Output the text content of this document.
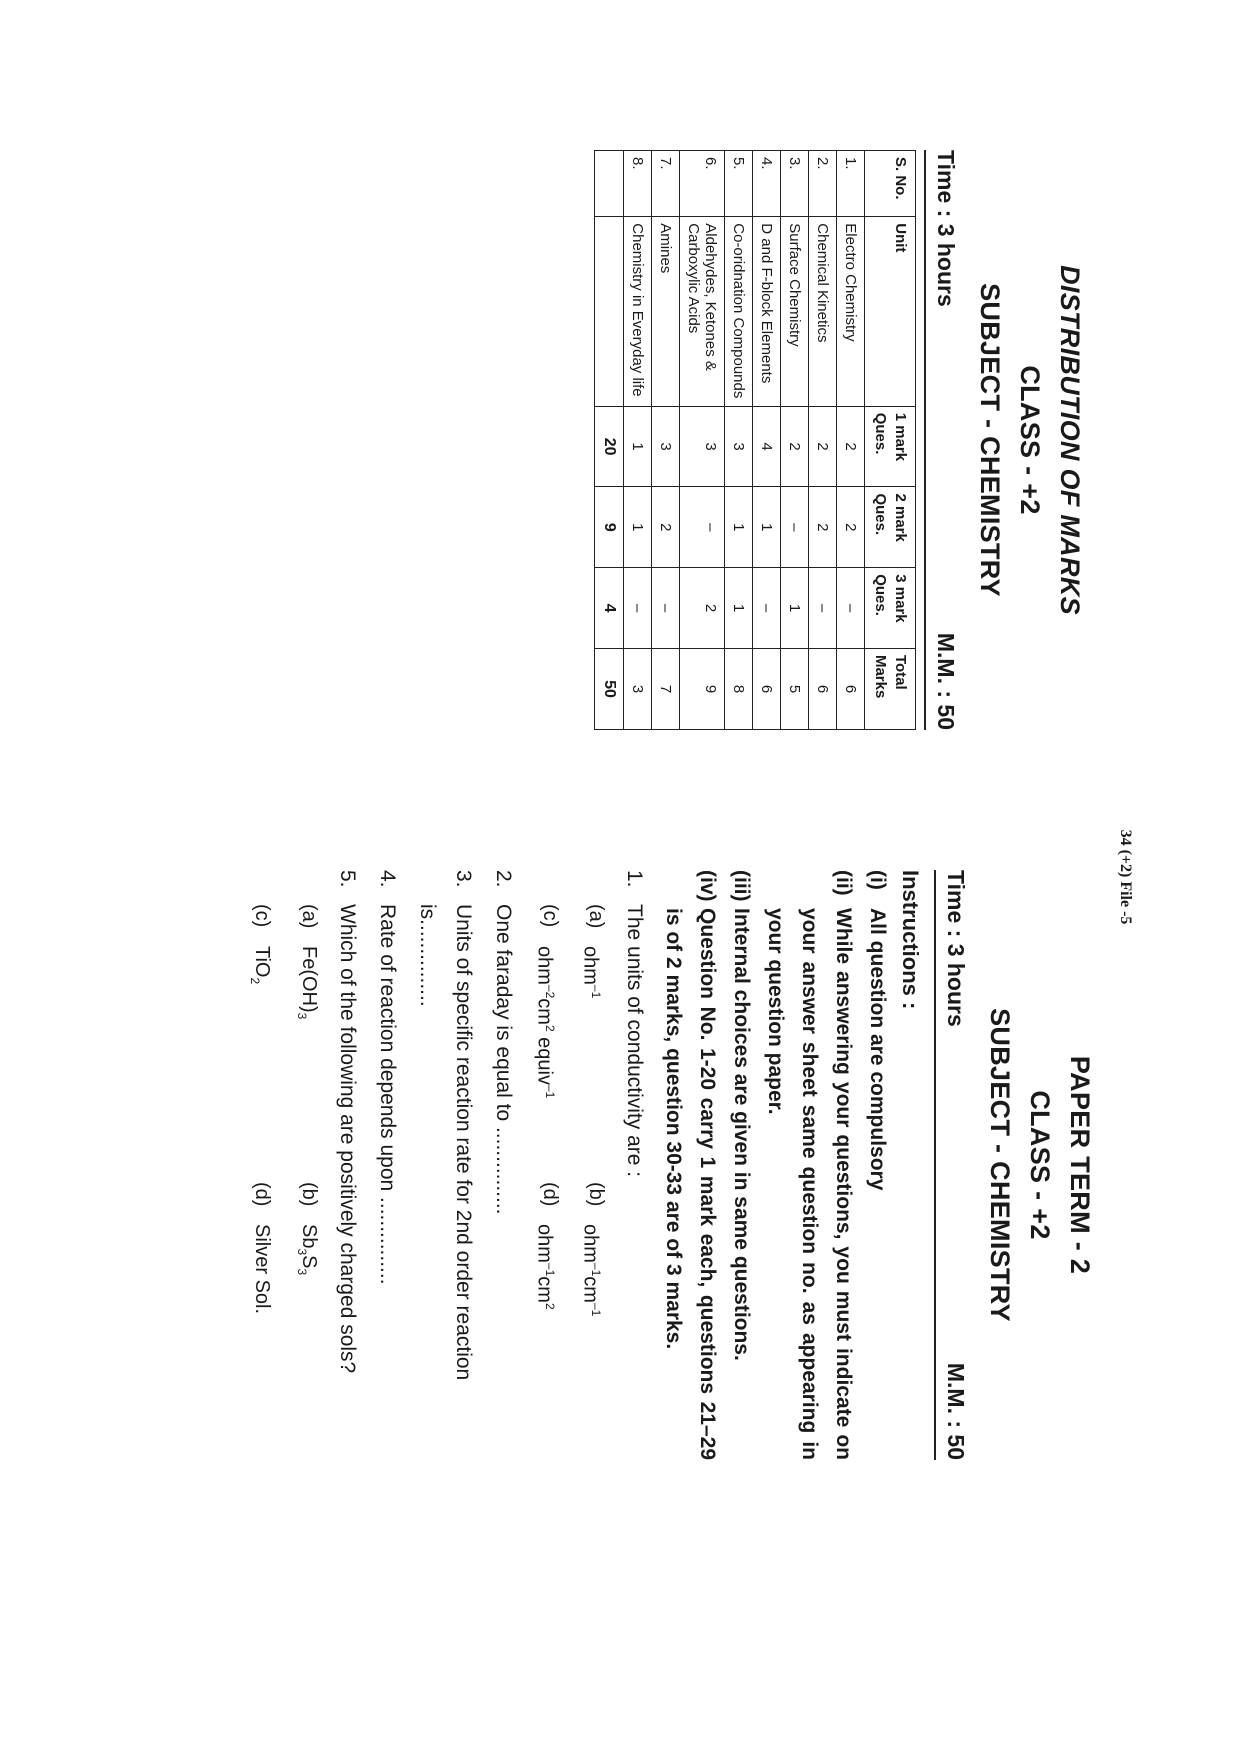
34 (+2) File -5

PAPER TERM - 2

CLASS - +2

SUBJECT - CHEMISTRY

Time : 3 hours
M.M. : 50
Instructions :
(i)
All question are compulsory
(ii)
While answering your questions, you must indicate on your answer sheet same question no. as appearing in your question paper.
(iii)
Internal choices are given in same questions.
(iv)
Question No. 1-20 carry 1 mark each, questions 21–29 is of 2 marks, question 30-33 are of 3 marks.
1.
The units of conductivity are :
(a)
ohm$^{-1}$
(b)
$ohm^{-1}cm^{-1}$
(c)
$ohm^{-2}cm^2$ equiv$^{-1}$
(d)
$ohm^{-1}cm^2$
2.
One faraday is equal to ...............
3.
Units of specific reaction rate for 2nd order reaction is...............
4.
Rate of reaction depends upon ...............
5.
Which of the following are positively charged sols?
(a)
$Fe(OH)_3$
(b)
$Sb_3S_3$
(c)
TiO$_2$
(d)
Silver Sol.

DISTRIBUTION OF MARKS

CLASS - +2

SUBJECT - CHEMISTRY

Time : 3 hours
M.M. : 50
S. No.	Unit	1 mark Ques.	2 mark Ques.	3 mark Ques.	Total Marks
1.	Electro Chemistry	2	2	–	6
2.	Chemical Kinetics	2	2	–	6
3.	Surface Chemistry	2	–	1	5
4.	D and F-block Elements	4	1	–	6
5.	Co-oridnation Compounds	3	1	1	8
6.	Aldehydes, Ketones & Carboxylic Acids	3	–	2	9
7.	Amines	3	2	–	7
8.	Chemistry in Everyday life	1	1	–	3
		20	9	4	50
